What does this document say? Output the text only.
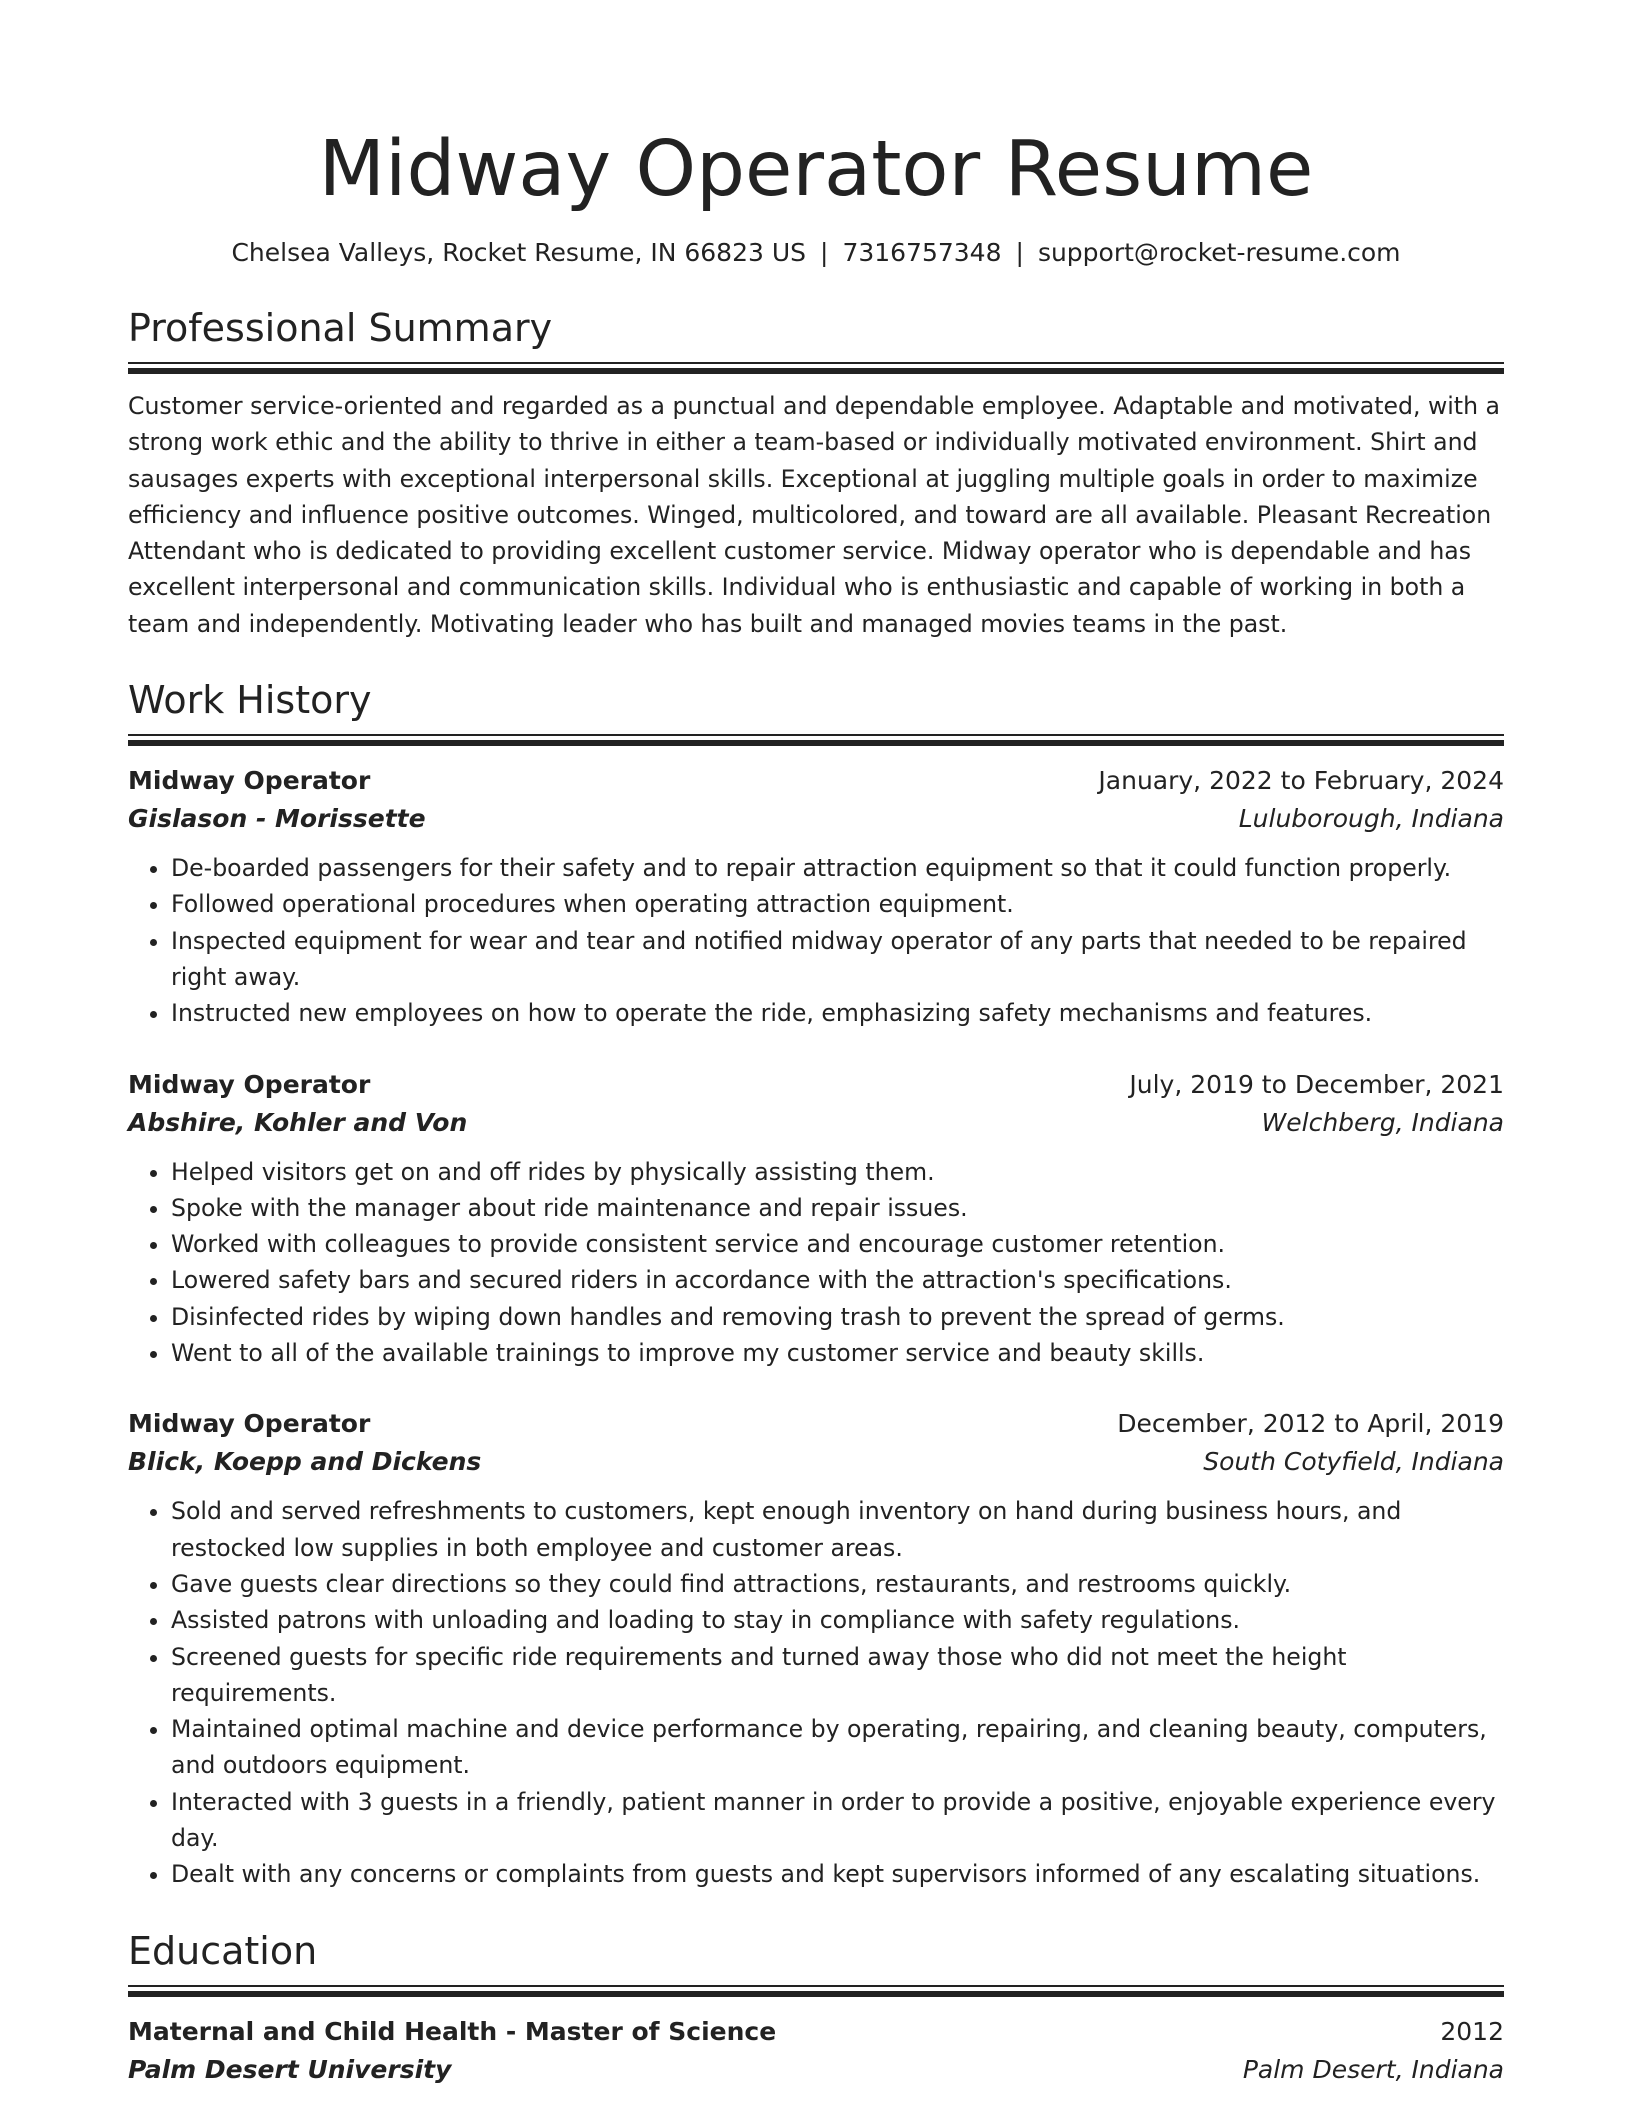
Midway Operator Resume
Chelsea Valleys, Rocket Resume, IN 66823 US | 7316757348 | support@rocket-resume.com
Professional Summary
Customer service-oriented and regarded as a punctual and dependable employee. Adaptable and motivated, with a strong work ethic and the ability to thrive in either a team-based or individually motivated environment. Shirt and sausages experts with exceptional interpersonal skills. Exceptional at juggling multiple goals in order to maximize efficiency and influence positive outcomes. Winged, multicolored, and toward are all available. Pleasant Recreation Attendant who is dedicated to providing excellent customer service. Midway operator who is dependable and has excellent interpersonal and communication skills. Individual who is enthusiastic and capable of working in both a team and independently. Motivating leader who has built and managed movies teams in the past.
Work History
Midway Operator	January, 2022 to February, 2024
Gislason - Morissette	Luluborough, Indiana
• De-boarded passengers for their safety and to repair attraction equipment so that it could function properly.
• Followed operational procedures when operating attraction equipment.
• Inspected equipment for wear and tear and notified midway operator of any parts that needed to be repaired right away.
• Instructed new employees on how to operate the ride, emphasizing safety mechanisms and features.
Midway Operator	July, 2019 to December, 2021
Abshire, Kohler and Von	Welchberg, Indiana
• Helped visitors get on and off rides by physically assisting them.
• Spoke with the manager about ride maintenance and repair issues.
• Worked with colleagues to provide consistent service and encourage customer retention.
• Lowered safety bars and secured riders in accordance with the attraction's specifications.
• Disinfected rides by wiping down handles and removing trash to prevent the spread of germs.
• Went to all of the available trainings to improve my customer service and beauty skills.
Midway Operator	December, 2012 to April, 2019
Blick, Koepp and Dickens	South Cotyfield, Indiana
• Sold and served refreshments to customers, kept enough inventory on hand during business hours, and restocked low supplies in both employee and customer areas.
• Gave guests clear directions so they could find attractions, restaurants, and restrooms quickly.
• Assisted patrons with unloading and loading to stay in compliance with safety regulations.
• Screened guests for specific ride requirements and turned away those who did not meet the height requirements.
• Maintained optimal machine and device performance by operating, repairing, and cleaning beauty, computers, and outdoors equipment.
• Interacted with 3 guests in a friendly, patient manner in order to provide a positive, enjoyable experience every day.
• Dealt with any concerns or complaints from guests and kept supervisors informed of any escalating situations.
Education
Maternal and Child Health - Master of Science	2012
Palm Desert University	Palm Desert, Indiana
